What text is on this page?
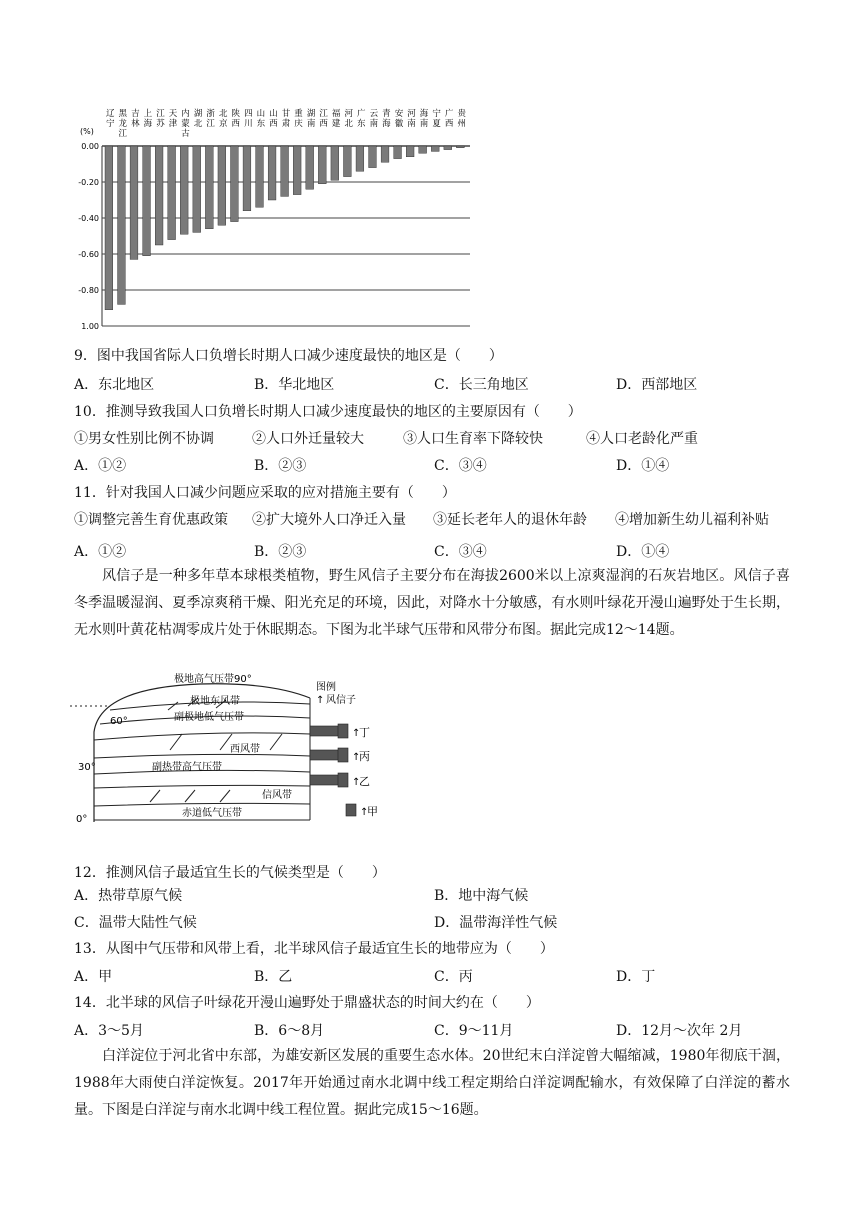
0.00
-0.20
-0.40
-0.60
-0.80
1.00
辽宁
黑龙江
吉林
上海
江苏
天津
内蒙古
湖北
浙江
北京
陕西
四川
山东
山西
甘肃
重庆
湖南
江西
福建
河北
广东
云南
青海
安徽
河南
海南
宁夏
广西
贵州
(%)
9．图中我国省际人口负增长时期人口减少速度最快的地区是（　　）
A．东北地区	B．华北地区	C．长三角地区	D．西部地区
10．推测导致我国人口负增长时期人口减少速度最快的地区的主要原因有（　　）
①男女性别比例不协调	②人口外迁量较大	③人口生育率下降较快	④人口老龄化严重
A．①②	B．②③	C．③④	D．①④
11．针对我国人口减少问题应采取的应对措施主要有（　　）
①调整完善生育优惠政策 ②扩大境外人口净迁入量 ③延长老年人的退休年龄 ④增加新生幼儿福利补贴
A．①②	B．②③	C．③④	D．①④
风信子是一种多年草本球根类植物，野生风信子主要分布在海拔2600米以上凉爽湿润的石灰岩地区。风信子喜冬季温暖湿润、夏季凉爽稍干燥、阳光充足的环境，因此，对降水十分敏感，有水则叶绿花开漫山遍野处于生长期，无水则叶黄花枯凋零成片处于休眠期态。下图为北半球气压带和风带分布图。据此完成12～14题。
极地高气压带90°
极地东风带
副极地低气压带
西风带
副热带高气压带
信风带
赤道低气压带
60°
30°
0°
图例
↑ 风信子
↑
丁
↑
丙
↑
乙
↑
甲
12．推测风信子最适宜生长的气候类型是（　　）
A．热带草原气候	B．地中海气候
C．温带大陆性气候	D．温带海洋性气候
13．从图中气压带和风带上看，北半球风信子最适宜生长的地带应为（　　）
A．甲	B．乙	C．丙	D．丁
14．北半球的风信子叶绿花开漫山遍野处于鼎盛状态的时间大约在（　　）
A．3～5月	B．6～8月	C．9～11月	D．12月～次年 2月
白洋淀位于河北省中东部，为雄安新区发展的重要生态水体。20世纪末白洋淀曾大幅缩减，1980年彻底干涸，1988年大雨使白洋淀恢复。2017年开始通过南水北调中线工程定期给白洋淀调配输水，有效保障了白洋淀的蓄水量。下图是白洋淀与南水北调中线工程位置。据此完成15～16题。
